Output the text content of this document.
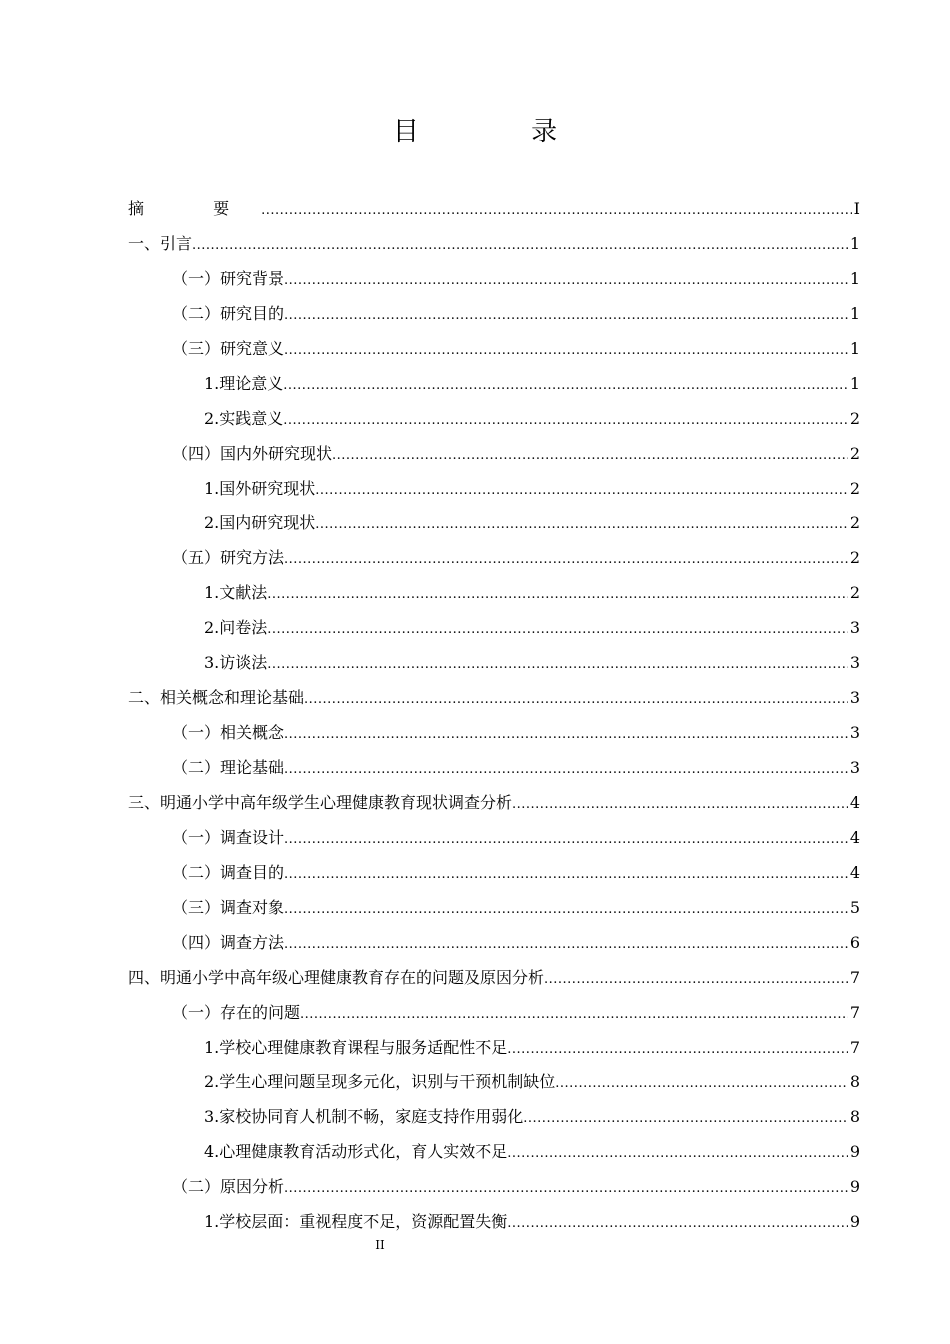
目 录
摘 要 .....	I
一、引言 .....	1
（一）研究背景 .....	1
（二）研究目的 .....	1
（三）研究意义 .....	1
1.理论意义 .....	1
2.实践意义 .....	2
（四）国内外研究现状 .....	2
1.国外研究现状 .....	2
2.国内研究现状 .....	2
（五）研究方法 .....	2
1.文献法 .....	2
2.问卷法 .....	3
3.访谈法 .....	3
二、相关概念和理论基础 .....	3
（一）相关概念 .....	3
（二）理论基础 .....	3
三、明通小学中高年级学生心理健康教育现状调查分析 .....	4
（一）调查设计 .....	4
（二）调查目的 .....	4
（三）调查对象 .....	5
（四）调查方法 .....	6
四、明通小学中高年级心理健康教育存在的问题及原因分析 .....	7
（一）存在的问题 .....	7
1.学校心理健康教育课程与服务适配性不足 .....	7
2.学生心理问题呈现多元化，识别与干预机制缺位 .....	8
3.家校协同育人机制不畅，家庭支持作用弱化 .....	8
4.心理健康教育活动形式化，育人实效不足 .....	9
（二）原因分析 .....	9
1.学校层面：重视程度不足，资源配置失衡 .....	9
II
